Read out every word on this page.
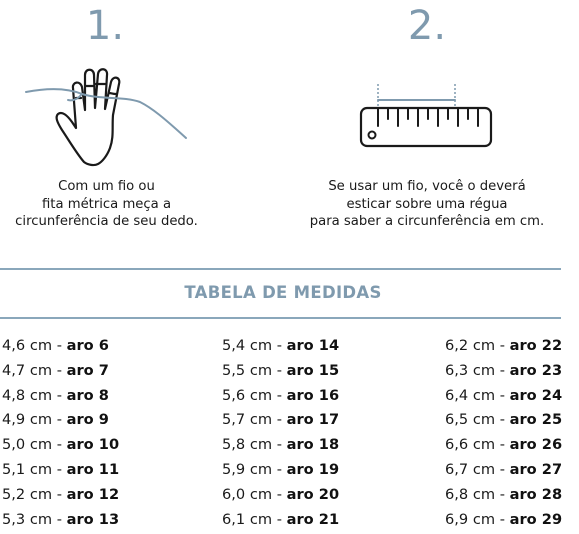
1.
Com um fio ou
fita métrica meça a
circunferência de seu dedo.
2.
Se usar um fio, você o deverá
esticar sobre uma régua
para saber a circunferência em cm.
TABELA DE MEDIDAS
4,6 cm - aro 6
4,7 cm - aro 7
4,8 cm - aro 8
4,9 cm - aro 9
5,0 cm - aro 10
5,1 cm - aro 11
5,2 cm - aro 12
5,3 cm - aro 13
5,4 cm - aro 14
5,5 cm - aro 15
5,6 cm - aro 16
5,7 cm - aro 17
5,8 cm - aro 18
5,9 cm - aro 19
6,0 cm - aro 20
6,1 cm - aro 21
6,2 cm - aro 22
6,3 cm - aro 23
6,4 cm - aro 24
6,5 cm - aro 25
6,6 cm - aro 26
6,7 cm - aro 27
6,8 cm - aro 28
6,9 cm - aro 29
